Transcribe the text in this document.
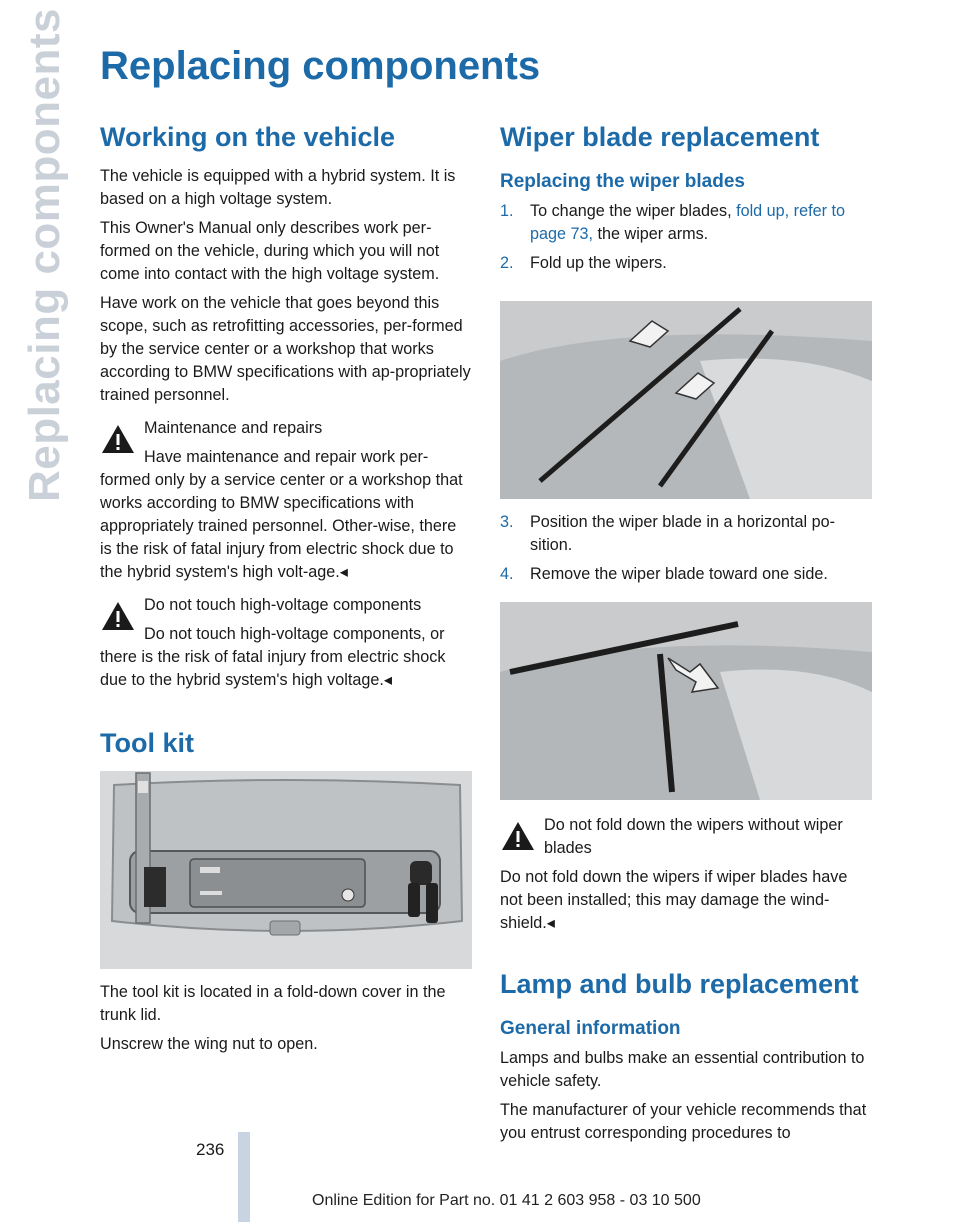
Replacing components Replacing components
Working on the vehicle

The vehicle is equipped with a hybrid system. It is based on a high voltage system.

This Owner's Manual only describes work per-formed on the vehicle, during which you will not come into contact with the high voltage system.

Have work on the vehicle that goes beyond this scope, such as retrofitting accessories, per-formed by the service center or a workshop that works according to BMW specifications with ap-propriately trained personnel.

Maintenance and repairs
Have maintenance and repair work per-
formed only by a service center or a workshop that works according to BMW specifications with appropriately trained personnel. Other-wise, there is the risk of fatal injury from electric shock due to the hybrid system's high volt-age.◂
Do not touch high-voltage components
Do not touch high-voltage components, or
there is the risk of fatal injury from electric shock due to the hybrid system's high voltage.◂
Tool kit

The tool kit is located in a fold-down cover in the trunk lid.

Unscrew the wing nut to open.

Wiper blade replacement
Replacing the wiper blades
1. To change the wiper blades, fold up, refer to page 73, the wiper arms.
2. Fold up the wipers.
3. Position the wiper blade in a horizontal po-sition.
4. Remove the wiper blade toward one side.
Do not fold down the wipers without wiper blades
Do not fold down the wipers if wiper blades have not been installed; this may damage the wind-shield.◂
Lamp and bulb replacement
General information

Lamps and bulbs make an essential contribution to vehicle safety.

The manufacturer of your vehicle recommends that you entrust corresponding procedures to

236
Online Edition for Part no. 01 41 2 603 958 - 03 10 500
